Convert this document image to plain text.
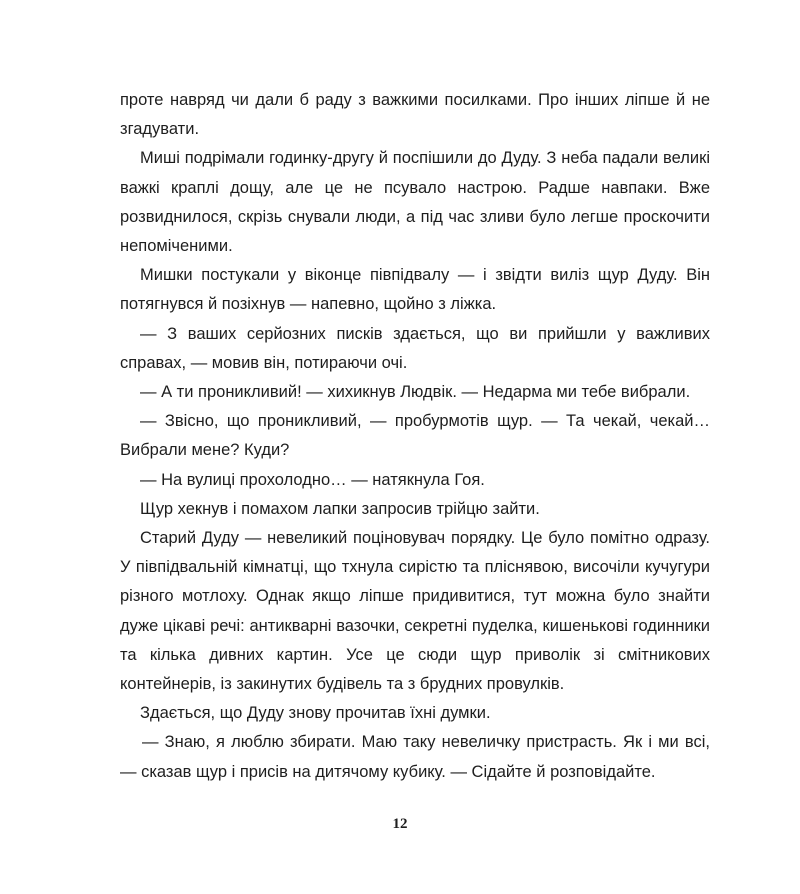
проте навряд чи дали б раду з важкими посилками. Про інших ліпше й не згадувати.

Миші подрімали годинку-другу й поспішили до Дуду. З неба падали великі важкі краплі дощу, але це не псувало настрою. Радше навпаки. Вже розвиднилося, скрізь снували люди, а під час зливи було легше проскочити непоміченими.

Мишки постукали у віконце півпідвалу — і звідти виліз щур Дуду. Він потягнувся й позіхнув — напевно, щойно з ліжка.

— З ваших серйозних писків здається, що ви прийшли у важливих справах, — мовив він, потираючи очі.

— А ти проникливий! — хихикнув Людвік. — Недарма ми тебе вибрали.

— Звісно, що проникливий, — пробурмотів щур. — Та чекай, чекай… Вибрали мене? Куди?

— На вулиці прохолодно… — натякнула Гоя.

Щур хекнув і помахом лапки запросив трійцю зайти.

Старий Дуду — невеликий поціновувач порядку. Це було помітно одразу. У півпідвальній кімнатці, що тхнула сирістю та пліснявою, височіли кучугури різного мотлоху. Однак якщо ліпше придивитися, тут можна було знайти дуже цікаві речі: антикварні вазочки, секретні пуделка, кишенькові годинники та кілька дивних картин. Усе це сюди щур приволік зі смітникових контейнерів, із закинутих будівель та з брудних провулків.

Здається, що Дуду знову прочитав їхні думки.

— Знаю, я люблю збирати. Маю таку невеличку пристрасть. Як і ми всі, — сказав щур і присів на дитячому кубику. — Сідайте й розповідайте.

12
